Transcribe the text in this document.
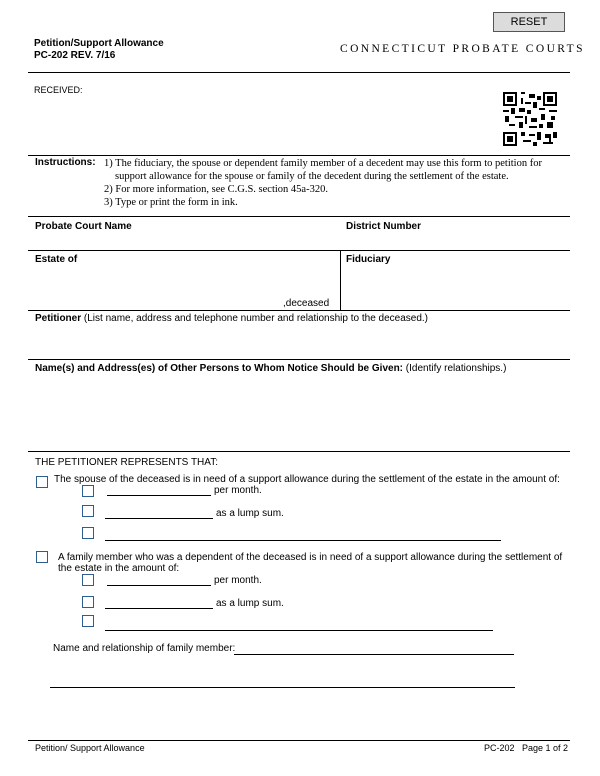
RESET
Petition/Support Allowance
PC-202 REV. 7/16
CONNECTICUT PROBATE COURTS
RECEIVED:
Instructions: 1) The fiduciary, the spouse or dependent family member of a decedent may use this form to petition for
support allowance for the spouse or family of the decedent during the settlement of the estate.
2) For more information, see C.G.S. section 45a-320.
3) Type or print the form in ink.
Probate Court Name	District Number
Estate of
,deceased
Fiduciary
Petitioner (List name, address and telephone number and relationship to the deceased.)
Name(s) and Address(es) of Other Persons to Whom Notice Should be Given: (Identify relationships.)
THE PETITIONER REPRESENTS THAT:
The spouse of the deceased is in need of a support allowance during the settlement of the estate in the amount of:
per month.
as a lump sum.
A family member who was a dependent of the deceased is in need of a support allowance during the settlement of
the estate in the amount of:
per month.
as a lump sum.
Name and relationship of family member:
Petition/ Support Allowance	PC-202   Page 1 of 2
